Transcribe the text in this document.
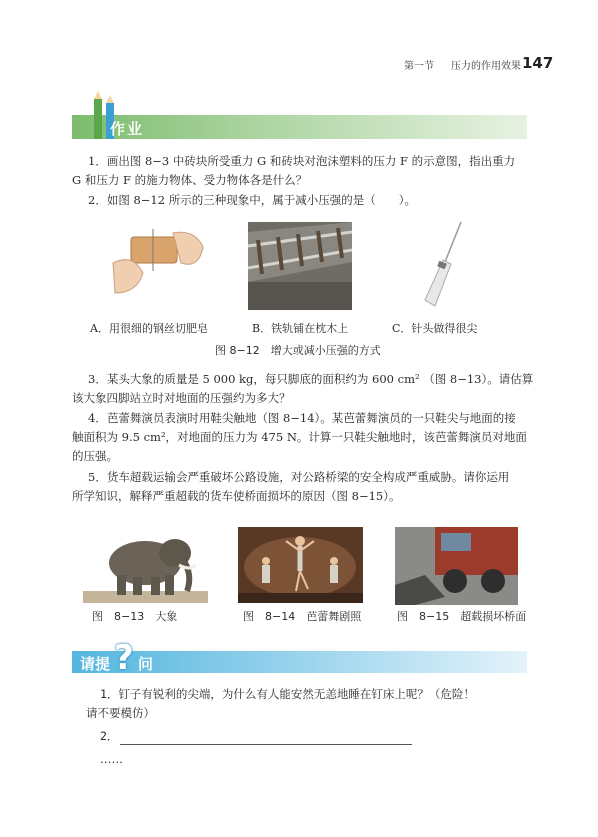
第一节 压力的作用效果 147
作业
1．画出图 8−3 中砖块所受重力 G 和砖块对泡沫塑料的压力 F 的示意图，指出重力
G 和压力 F 的施力物体、受力物体各是什么？
2．如图 8−12 所示的三种现象中，属于减小压强的是（　　）。
A．用很细的钢丝切肥皂	B．铁轨铺在枕木上	C．针头做得很尖
图 8−12　增大或减小压强的方式
3．某头大象的质量是 5 000 kg，每只脚底的面积约为 600 cm² （图 8−13）。请估算
该大象四脚站立时对地面的压强约为多大？
4．芭蕾舞演员表演时用鞋尖触地（图 8−14）。某芭蕾舞演员的一只鞋尖与地面的接
触面积为 9.5 cm²，对地面的压力为 475 N。计算一只鞋尖触地时，该芭蕾舞演员对地面
的压强。
5．货车超载运输会严重破坏公路设施，对公路桥梁的安全构成严重威胁。请你运用
所学知识，解释严重超载的货车使桥面损坏的原因（图 8−15）。
图　8−13　大象	图　8−14　芭蕾舞剧照	图　8−15　超载损坏桥面
请提 ? 问
1．钉子有锐利的尖端，为什么有人能安然无恙地睡在钉床上呢？（危险！
请不要模仿）
2．
……
